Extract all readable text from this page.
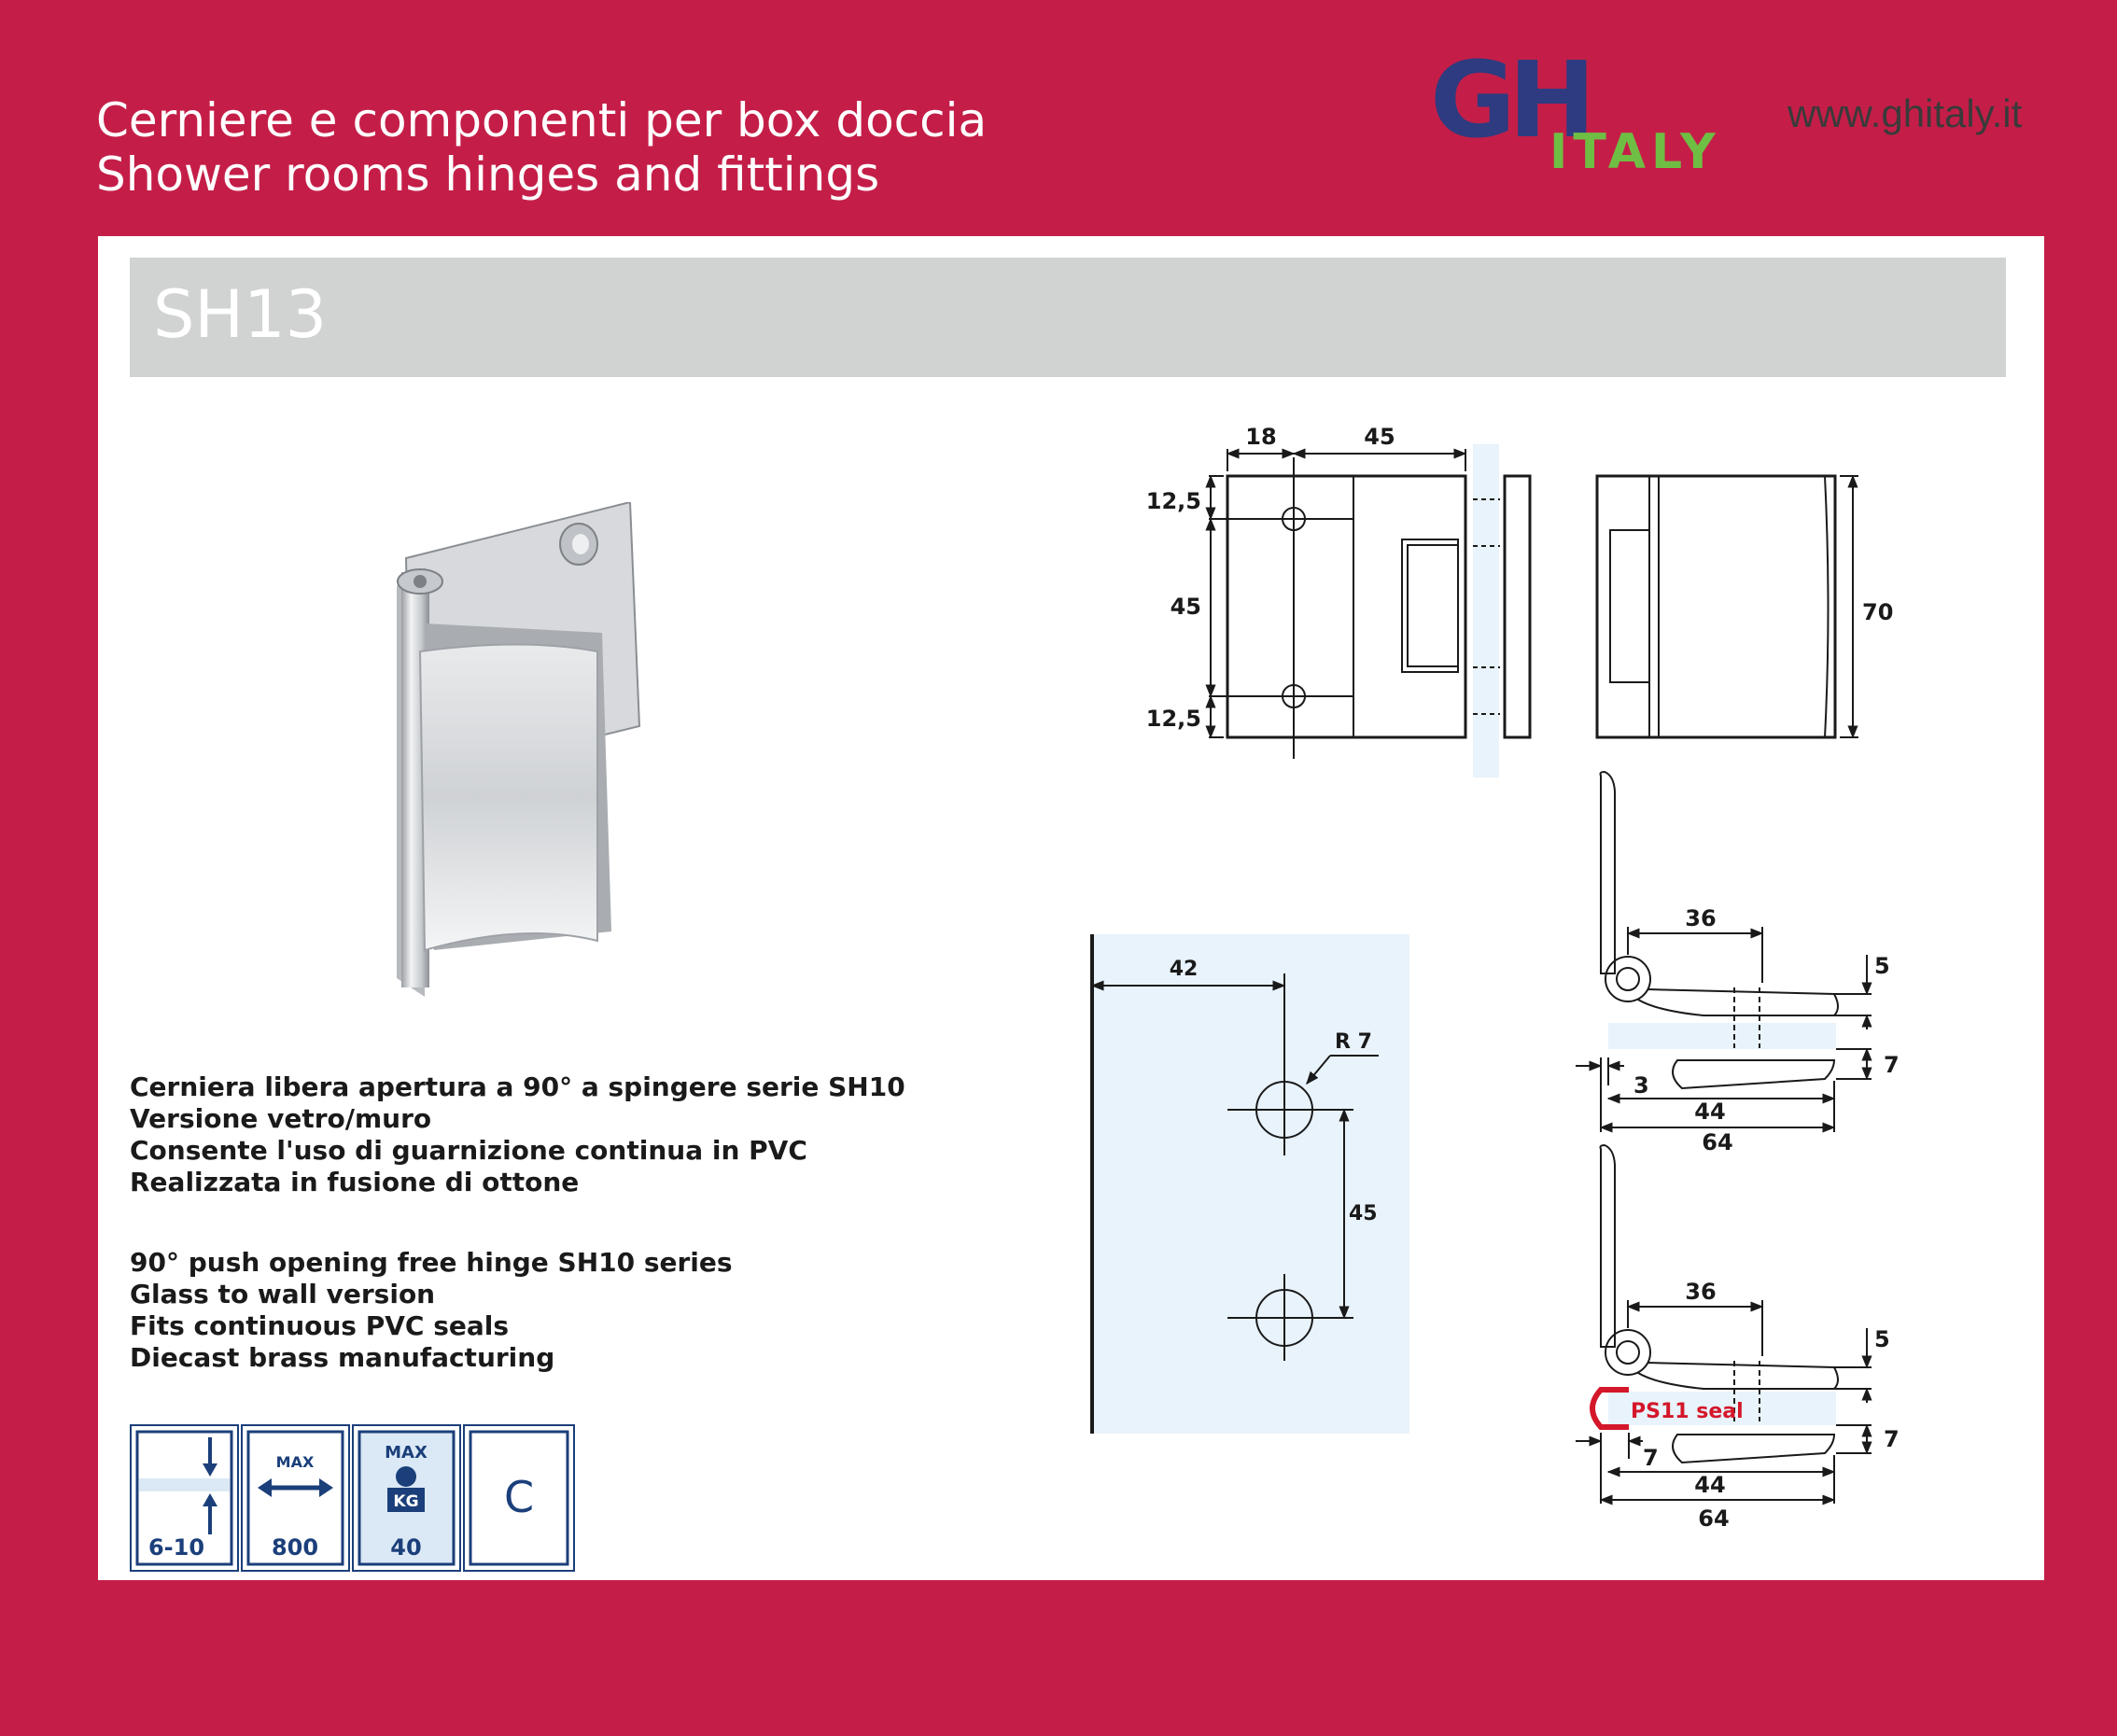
Cerniere e componenti per box doccia
Shower rooms hinges and fittings
GH
ITALY
www.ghitaly.it
SH13
Cerniera libera apertura a 90° a spingere serie SH10
Versione vetro/muro
Consente l'uso di guarnizione continua in PVC
Realizzata in fusione di ottone
90° push opening free hinge SH10 series
Glass to wall version
Fits continuous PVC seals
Diecast brass manufacturing
6-10
MAX
800
MAX
KG
40
C
18	45
12,5
45
12,5
70
42
R 7
45
36
5
7
3
44
64
36
5
7
7
44
64
PS11 seal
